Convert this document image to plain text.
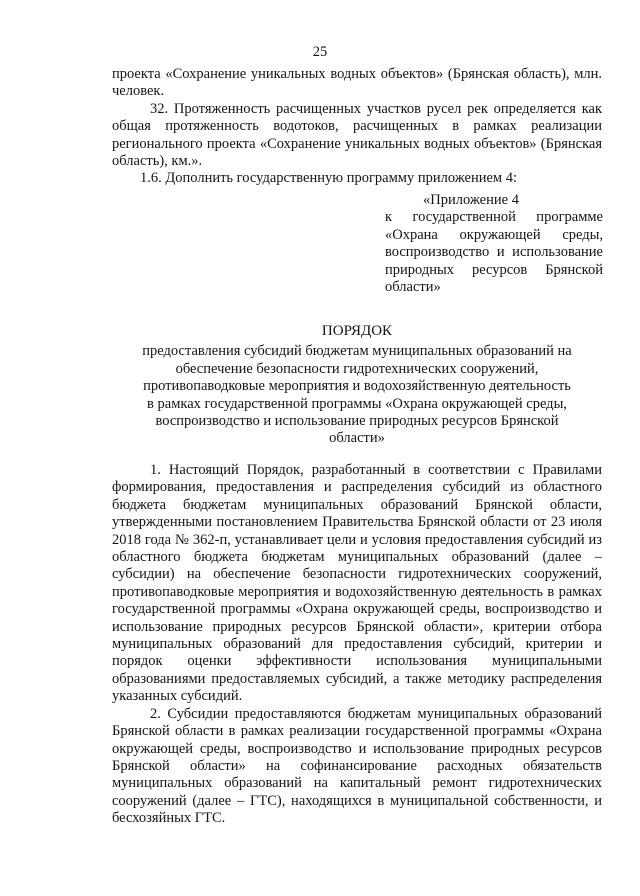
25

проекта «Сохранение уникальных водных объектов» (Брянская область), млн. человек.

32. Протяженность расчищенных участков русел рек определяется как общая протяженность водотоков, расчищенных в рамках реализации регионального проекта «Сохранение уникальных водных объектов» (Брянская область), км.».

1.6. Дополнить государственную программу приложением 4:

«Приложение 4
к государственной программе «Охрана окружающей среды, воспроизводство и использование природных ресурсов Брянской области»
ПОРЯДОК
предоставления субсидий бюджетам муниципальных образований на обеспечение безопасности гидротехнических сооружений, противопаводковые мероприятия и водохозяйственную деятельность в рамках государственной программы «Охрана окружающей среды, воспроизводство и использование природных ресурсов Брянской области»

1. Настоящий Порядок, разработанный в соответствии с Правилами формирования, предоставления и распределения субсидий из областного бюджета бюджетам муниципальных образований Брянской области, утвержденными постановлением Правительства Брянской области от 23 июля 2018 года № 362-п, устанавливает цели и условия предоставления субсидий из областного бюджета бюджетам муниципальных образований (далее – субсидии) на обеспечение безопасности гидротехнических сооружений, противопаводковые мероприятия и водохозяйственную деятельность в рамках государственной программы «Охрана окружающей среды, воспроизводство и использование природных ресурсов Брянской области», критерии отбора муниципальных образований для предоставления субсидий, критерии и порядок оценки эффективности использования муниципальными образованиями предоставляемых субсидий, а также методику распределения указанных субсидий.

2. Субсидии предоставляются бюджетам муниципальных образований Брянской области в рамках реализации государственной программы «Охрана окружающей среды, воспроизводство и использование природных ресурсов Брянской области» на софинансирование расходных обязательств муниципальных образований на капитальный ремонт гидротехнических сооружений (далее – ГТС), находящихся в муниципальной собственности, и бесхозяйных ГТС.
